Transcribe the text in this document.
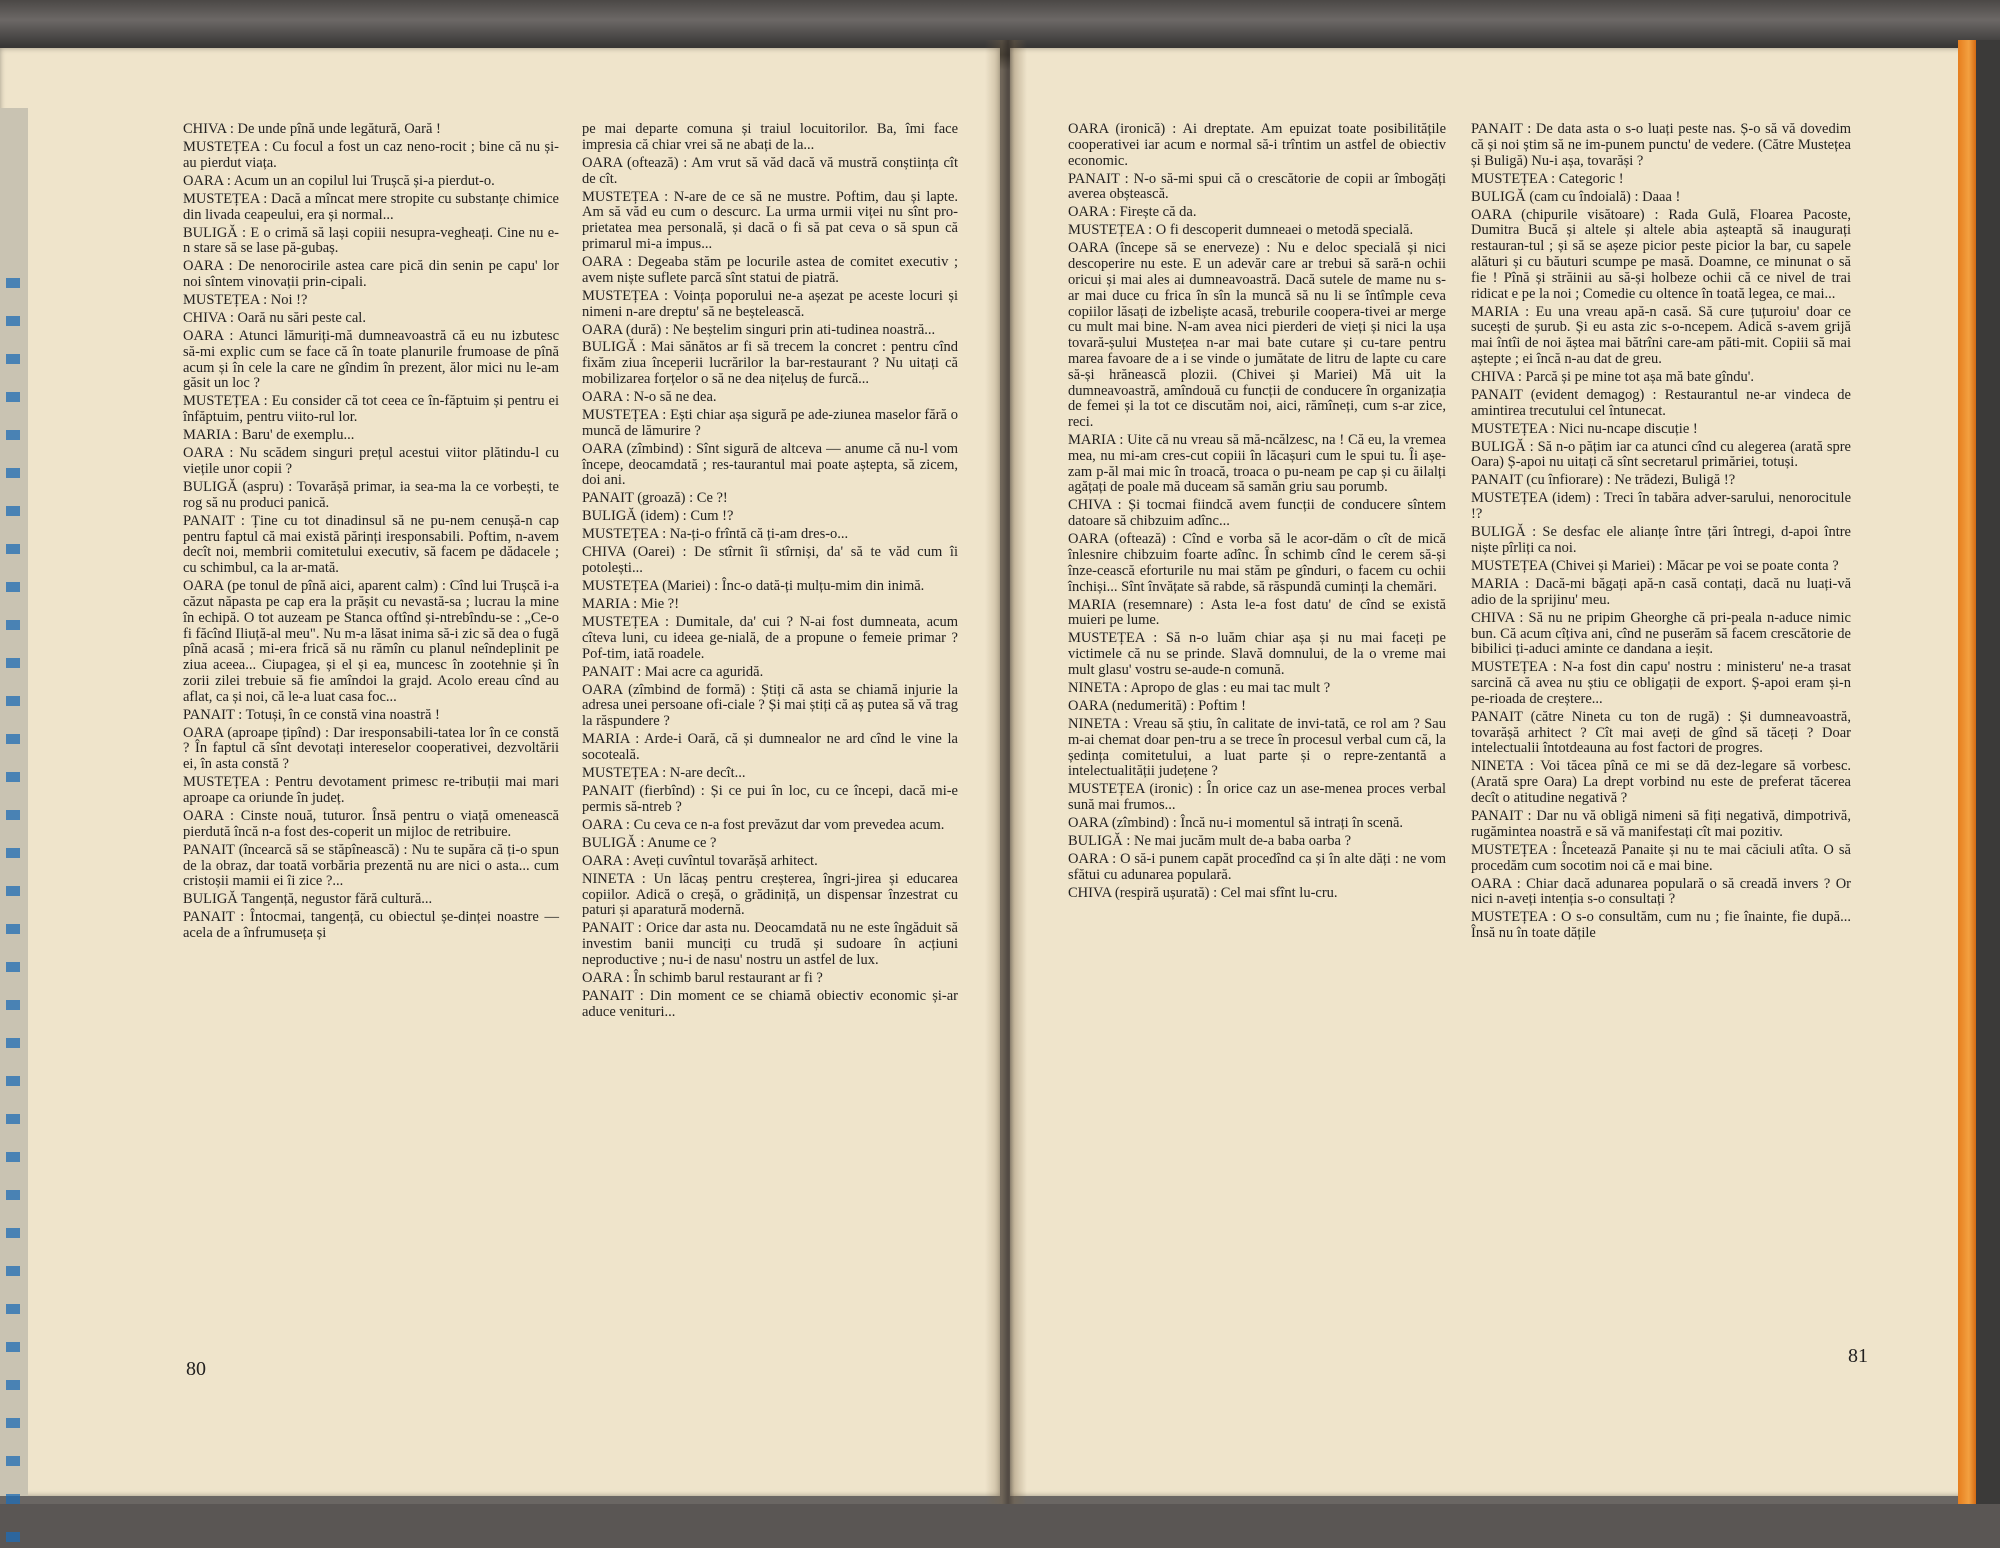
CHIVA : De unde pînă unde legătură, Oară !

MUSTEȚEA : Cu focul a fost un caz neno-rocit ; bine că nu și-au pierdut viața.

OARA : Acum un an copilul lui Trușcă și-a pierdut-o.

MUSTEȚEA : Dacă a mîncat mere stropite cu substanțe chimice din livada ceapeului, era și normal...

BULIGĂ : E o crimă să lași copiii nesupra-vegheați. Cine nu e-n stare să se lase pă-gubaș.

OARA : De nenorocirile astea care pică din senin pe capu' lor noi sîntem vinovații prin-cipali.

MUSTEȚEA : Noi !?

CHIVA : Oară nu sări peste cal.

OARA : Atunci lămuriți-mă dumneavoastră că eu nu izbutesc să-mi explic cum se face că în toate planurile frumoase de pînă acum și în cele la care ne gîndim în prezent, ălor mici nu le-am găsit un loc ?

MUSTEȚEA : Eu consider că tot ceea ce în-făptuim și pentru ei înfăptuim, pentru viito-rul lor.

MARIA : Baru' de exemplu...

OARA : Nu scădem singuri prețul acestui viitor plătindu-l cu viețile unor copii ?

BULIGĂ (aspru) : Tovarășă primar, ia sea-ma la ce vorbești, te rog să nu produci panică.

PANAIT : Ține cu tot dinadinsul să ne pu-nem cenușă-n cap pentru faptul că mai există părinți iresponsabili. Poftim, n-avem decît noi, membrii comitetului executiv, să facem pe dădacele ; cu schimbul, ca la ar-mată.

OARA (pe tonul de pînă aici, aparent calm) : Cînd lui Trușcă i-a căzut năpasta pe cap era la prășit cu nevastă-sa ; lucrau la mine în echipă. O tot auzeam pe Stanca oftînd și-ntrebîndu-se : „Ce-o fi făcînd Iliuță-al meu". Nu m-a lăsat inima să-i zic să dea o fugă pînă acasă ; mi-era frică să nu rămîn cu planul neîndeplinit pe ziua aceea... Ciupagea, și el și ea, muncesc în zootehnie și în zorii zilei trebuie să fie amîndoi la grajd. Acolo ereau cînd au aflat, ca și noi, că le-a luat casa foc...

PANAIT : Totuși, în ce constă vina noastră !

OARA (aproape țipînd) : Dar iresponsabili-tatea lor în ce constă ? În faptul că sînt devotați intereselor cooperativei, dezvoltării ei, în asta constă ?

MUSTEȚEA : Pentru devotament primesc re-tribuții mai mari aproape ca oriunde în județ.

OARA : Cinste nouă, tuturor. Însă pentru o viață omenească pierdută încă n-a fost des-coperit un mijloc de retribuire.

PANAIT (încearcă să se stăpînească) : Nu te supăra că ți-o spun de la obraz, dar toată vorbăria prezentă nu are nici o asta... cum cristoșii mamii ei îi zice ?...

BULIGĂ Tangență, negustor fără cultură...

PANAIT : Întocmai, tangență, cu obiectul șe-dinței noastre — acela de a înfrumuseța și

pe mai departe comuna și traiul locuitorilor. Ba, îmi face impresia că chiar vrei să ne abați de la...

OARA (oftează) : Am vrut să văd dacă vă mustră conștiința cît de cît.

MUSTEȚEA : N-are de ce să ne mustre. Poftim, dau și lapte. Am să văd eu cum o descurc. La urma urmii viței nu sînt pro-prietatea mea personală, și dacă o fi să pat ceva o să spun că primarul mi-a impus...

OARA : Degeaba stăm pe locurile astea de comitet executiv ; avem niște suflete parcă sînt statui de piatră.

MUSTEȚEA : Voința poporului ne-a așezat pe aceste locuri și nimeni n-are dreptu' să ne beștelească.

OARA (dură) : Ne beștelim singuri prin ati-tudinea noastră...

BULIGĂ : Mai sănătos ar fi să trecem la concret : pentru cînd fixăm ziua începerii lucrărilor la bar-restaurant ? Nu uitați că mobilizarea forțelor o să ne dea nițeluș de furcă...

OARA : N-o să ne dea.

MUSTEȚEA : Ești chiar așa sigură pe ade-ziunea maselor fără o muncă de lămurire ?

OARA (zîmbind) : Sînt sigură de altceva — anume că nu-l vom începe, deocamdată ; res-taurantul mai poate aștepta, să zicem, doi ani.

PANAIT (groază) : Ce ?!

BULIGĂ (idem) : Cum !?

MUSTEȚEA : Na-ți-o frîntă că ți-am dres-o...

CHIVA (Oarei) : De stîrnit îi stîrniși, da' să te văd cum îi potolești...

MUSTEȚEA (Mariei) : Înc-o dată-ți mulțu-mim din inimă.

MARIA : Mie ?!

MUSTEȚEA : Dumitale, da' cui ? N-ai fost dumneata, acum cîteva luni, cu ideea ge-nială, de a propune o femeie primar ? Pof-tim, iată roadele.

PANAIT : Mai acre ca aguridă.

OARA (zîmbind de formă) : Știți că asta se chiamă injurie la adresa unei persoane ofi-ciale ? Și mai știți că aș putea să vă trag la răspundere ?

MARIA : Arde-i Oară, că și dumnealor ne ard cînd le vine la socoteală.

MUSTEȚEA : N-are decît...

PANAIT (fierbînd) : Și ce pui în loc, cu ce începi, dacă mi-e permis să-ntreb ?

OARA : Cu ceva ce n-a fost prevăzut dar vom prevedea acum.

BULIGĂ : Anume ce ?

OARA : Aveți cuvîntul tovarășă arhitect.

NINETA : Un lăcaș pentru creșterea, îngri-jirea și educarea copiilor. Adică o creșă, o grădiniță, un dispensar înzestrat cu paturi și aparatură modernă.

PANAIT : Orice dar asta nu. Deocamdată nu ne este îngăduit să investim banii munciți cu trudă și sudoare în acțiuni neproductive ; nu-i de nasu' nostru un astfel de lux.

OARA : În schimb barul restaurant ar fi ?

PANAIT : Din moment ce se chiamă obiectiv economic și-ar aduce venituri...

OARA (ironică) : Ai dreptate. Am epuizat toate posibilitățile cooperativei iar acum e normal să-i trîntim un astfel de obiectiv economic.

PANAIT : N-o să-mi spui că o crescătorie de copii ar îmbogăți averea obștească.

OARA : Firește că da.

MUSTEȚEA : O fi descoperit dumneaei o metodă specială.

OARA (începe să se enerveze) : Nu e deloc specială și nici descoperire nu este. E un adevăr care ar trebui să sară-n ochii oricui și mai ales ai dumneavoastră. Dacă sutele de mame nu s-ar mai duce cu frica în sîn la muncă să nu li se întîmple ceva copiilor lăsați de izbeliște acasă, treburile coopera-tivei ar merge cu mult mai bine. N-am avea nici pierderi de vieți și nici la ușa tovară-șului Mustețea n-ar mai bate cutare și cu-tare pentru marea favoare de a i se vinde o jumătate de litru de lapte cu care să-și hrănească plozii. (Chivei și Mariei) Mă uit la dumneavoastră, amîndouă cu funcții de conducere în organizația de femei și la tot ce discutăm noi, aici, rămîneți, cum s-ar zice, reci.

MARIA : Uite că nu vreau să mă-ncălzesc, na ! Că eu, la vremea mea, nu mi-am cres-cut copiii în lăcașuri cum le spui tu. Îi așe-zam p-ăl mai mic în troacă, troaca o pu-neam pe cap și cu ăilalți agățați de poale mă duceam să samăn griu sau porumb.

CHIVA : Și tocmai fiindcă avem funcții de conducere sîntem datoare să chibzuim adînc...

OARA (oftează) : Cînd e vorba să le acor-dăm o cît de mică înlesnire chibzuim foarte adînc. În schimb cînd le cerem să-și înze-cească eforturile nu mai stăm pe gînduri, o facem cu ochii închiși... Sînt învățate să rabde, să răspundă cuminți la chemări.

MARIA (resemnare) : Asta le-a fost datu' de cînd se există muieri pe lume.

MUSTEȚEA : Să n-o luăm chiar așa și nu mai faceți pe victimele că nu se prinde. Slavă domnului, de la o vreme mai mult glasu' vostru se-aude-n comună.

NINETA : Apropo de glas : eu mai tac mult ?

OARA (nedumerită) : Poftim !

NINETA : Vreau să știu, în calitate de invi-tată, ce rol am ? Sau m-ai chemat doar pen-tru a se trece în procesul verbal cum că, la ședința comitetului, a luat parte și o repre-zentantă a intelectualității județene ?

MUSTEȚEA (ironic) : În orice caz un ase-menea proces verbal sună mai frumos...

OARA (zîmbind) : Încă nu-i momentul să intrați în scenă.

BULIGĂ : Ne mai jucăm mult de-a baba oarba ?

OARA : O să-i punem capăt procedînd ca și în alte dăți : ne vom sfătui cu adunarea populară.

CHIVA (respiră ușurată) : Cel mai sfînt lu-cru.

PANAIT : De data asta o s-o luați peste nas. Ș-o să vă dovedim că și noi știm să ne im-punem punctu' de vedere. (Către Mustețea și Buligă) Nu-i așa, tovarăși ?

MUSTEȚEA : Categoric !

BULIGĂ (cam cu îndoială) : Daaa !

OARA (chipurile visătoare) : Rada Gulă, Floarea Pacoste, Dumitra Bucă și altele și altele abia așteaptă să inaugurați restauran-tul ; și să se așeze picior peste picior la bar, cu sapele alături și cu băuturi scumpe pe masă. Doamne, ce minunat o să fie ! Pînă și străinii au să-și holbeze ochii că ce nivel de trai ridicat e pe la noi ; Comedie cu oltence în toată legea, ce mai...

MARIA : Eu una vreau apă-n casă. Să cure țuțuroiu' doar ce sucești de șurub. Și eu asta zic s-o-ncepem. Adică s-avem grijă mai întîi de noi ăștea mai bătrîni care-am păti-mit. Copiii să mai aștepte ; ei încă n-au dat de greu.

CHIVA : Parcă și pe mine tot așa mă bate gîndu'.

PANAIT (evident demagog) : Restaurantul ne-ar vindeca de amintirea trecutului cel întunecat.

MUSTEȚEA : Nici nu-ncape discuție !

BULIGĂ : Să n-o pățim iar ca atunci cînd cu alegerea (arată spre Oara) Ș-apoi nu uitați că sînt secretarul primăriei, totuși.

PANAIT (cu înfiorare) : Ne trădezi, Buligă !?

MUSTEȚEA (idem) : Treci în tabăra adver-sarului, nenorocitule !?

BULIGĂ : Se desfac ele alianțe între țări întregi, d-apoi între niște pîrliți ca noi.

MUSTEȚEA (Chivei și Mariei) : Măcar pe voi se poate conta ?

MARIA : Dacă-mi băgați apă-n casă contați, dacă nu luați-vă adio de la sprijinu' meu.

CHIVA : Să nu ne pripim Gheorghe că pri-peala n-aduce nimic bun. Că acum cîțiva ani, cînd ne puserăm să facem crescătorie de bibilici ți-aduci aminte ce dandana a ieșit.

MUSTEȚEA : N-a fost din capu' nostru : ministeru' ne-a trasat sarcină că avea nu știu ce obligații de export. Ș-apoi eram și-n pe-rioada de creștere...

PANAIT (către Nineta cu ton de rugă) : Și dumneavoastră, tovarășă arhitect ? Cît mai aveți de gînd să tăceți ? Doar intelectualii întotdeauna au fost factori de progres.

NINETA : Voi tăcea pînă ce mi se dă dez-legare să vorbesc. (Arată spre Oara) La drept vorbind nu este de preferat tăcerea decît o atitudine negativă ?

PANAIT : Dar nu vă obligă nimeni să fiți negativă, dimpotrivă, rugămintea noastră e să vă manifestați cît mai pozitiv.

MUSTEȚEA : Încetează Panaite și nu te mai căciuli atîta. O să procedăm cum socotim noi că e mai bine.

OARA : Chiar dacă adunarea populară o să creadă invers ? Or nici n-aveți intenția s-o consultați ?

MUSTEȚEA : O s-o consultăm, cum nu ; fie înainte, fie după... Însă nu în toate dățile

80
81
